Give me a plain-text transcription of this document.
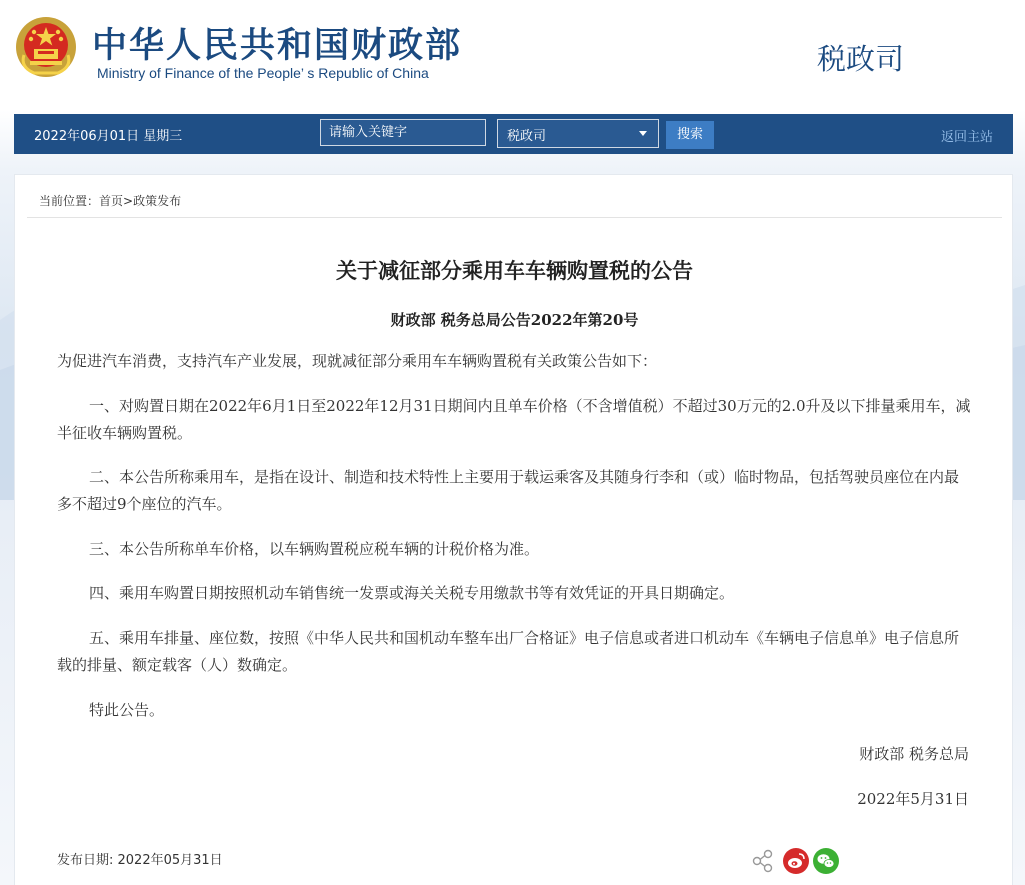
中华人民共和国财政部
Ministry of Finance of the People’ s Republic of China	税政司
2022年06月01日 星期三
请输入关键字	税政司	搜索	返回主站
当前位置：首页>政策发布
关于减征部分乘用车车辆购置税的公告
财政部 税务总局公告2022年第20号
为促进汽车消费，支持汽车产业发展，现就减征部分乘用车车辆购置税有关政策公告如下：
一、对购置日期在2022年6月1日至2022年12月31日期间内且单车价格（不含增值税）不超过30万元的2.0升及以下排量乘用车，减半征收车辆购置税。
二、本公告所称乘用车，是指在设计、制造和技术特性上主要用于载运乘客及其随身行李和（或）临时物品，包括驾驶员座位在内最多不超过9个座位的汽车。
三、本公告所称单车价格，以车辆购置税应税车辆的计税价格为准。
四、乘用车购置日期按照机动车销售统一发票或海关关税专用缴款书等有效凭证的开具日期确定。
五、乘用车排量、座位数，按照《中华人民共和国机动车整车出厂合格证》电子信息或者进口机动车《车辆电子信息单》电子信息所载的排量、额定载客（人）数确定。
特此公告。
财政部 税务总局
2022年5月31日
发布日期: 2022年05月31日
